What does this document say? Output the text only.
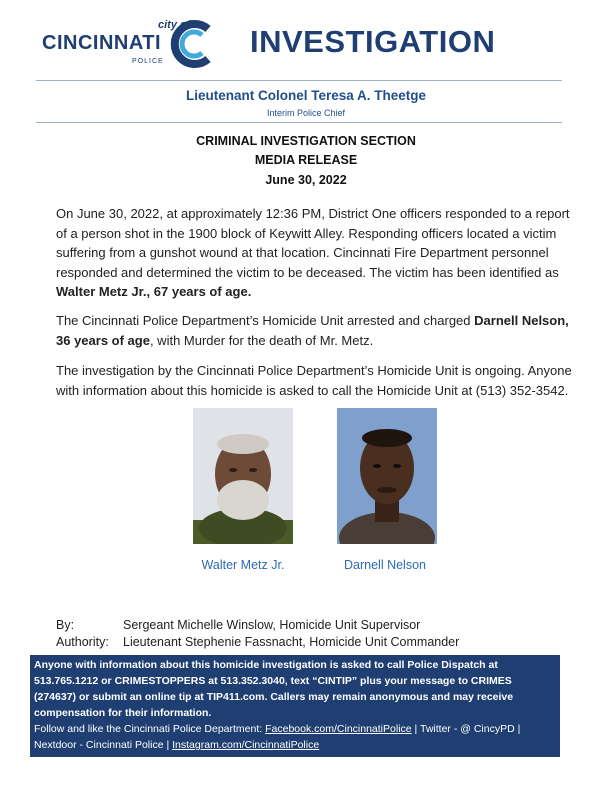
city of
CINCINNATI
POLICE
INVESTIGATION
Lieutenant Colonel Teresa A. Theetge
Interim Police Chief
CRIMINAL INVESTIGATION SECTION
MEDIA RELEASE
June 30, 2022
On June 30, 2022, at approximately 12:36 PM, District One officers responded to a report of a person shot in the 1900 block of Keywitt Alley. Responding officers located a victim suffering from a gunshot wound at that location. Cincinnati Fire Department personnel responded and determined the victim to be deceased. The victim has been identified as Walter Metz Jr., 67 years of age.
The Cincinnati Police Department’s Homicide Unit arrested and charged Darnell Nelson, 36 years of age, with Murder for the death of Mr. Metz.
The investigation by the Cincinnati Police Department’s Homicide Unit is ongoing. Anyone with information about this homicide is asked to call the Homicide Unit at (513) 352-3542.
Walter Metz Jr.	Darnell Nelson
By:	Sergeant Michelle Winslow, Homicide Unit Supervisor
Authority: Lieutenant Stephenie Fassnacht, Homicide Unit Commander
Anyone with information about this homicide investigation is asked to call Police Dispatch at 513.765.1212 or CRIMESTOPPERS at 513.352.3040, text “CINTIP” plus your message to CRIMES (274637) or submit an online tip at TIP411.com. Callers may remain anonymous and may receive compensation for their information.
Follow and like the Cincinnati Police Department: Facebook.com/CincinnatiPolice | Twitter - @ CincyPD | Nextdoor - Cincinnati Police | Instagram.com/CincinnatiPolice
